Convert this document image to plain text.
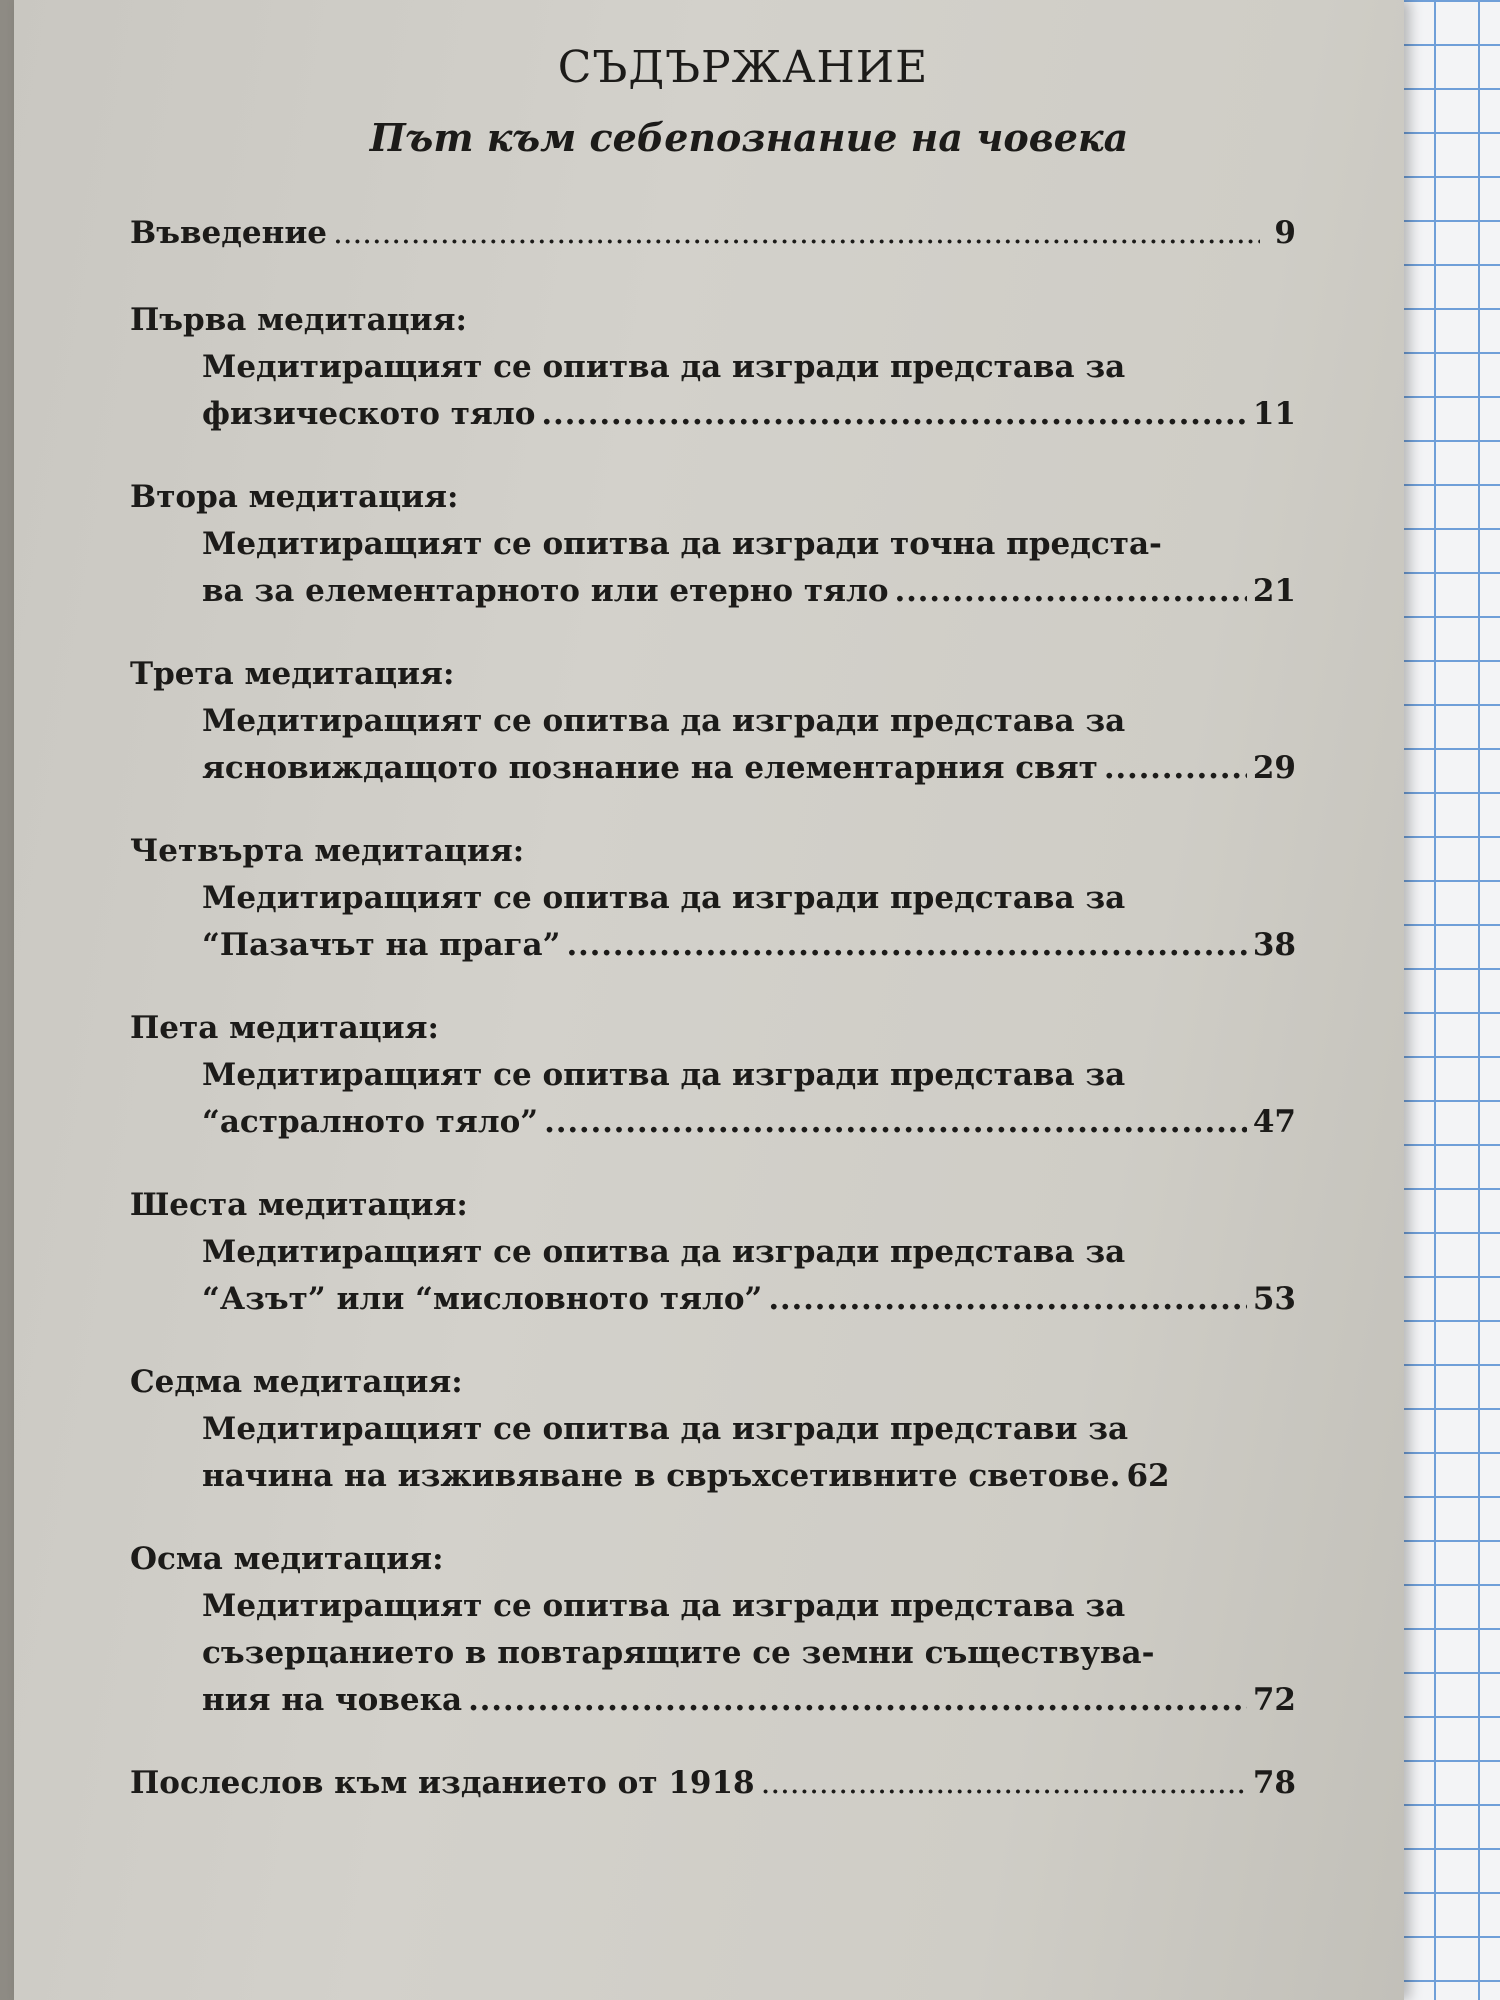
СЪДЪРЖАНИЕ
Път към себепознание на човека
Въведение . . .	9
Първа медитация:
Медитиращият се опитва да изгради представа за
физическото тяло . . .	11
Втора медитация:
Медитиращият се опитва да изгради точна предста-
ва за елементарното или етерно тяло . . .	21
Трета медитация:
Медитиращият се опитва да изгради представа за
ясновиждащото познание на елементарния свят . . .	29
Четвърта медитация:
Медитиращият се опитва да изгради представа за
“Пазачът на прага” . . .	38
Пета медитация:
Медитиращият се опитва да изгради представа за
“астралното тяло” . . .	47
Шеста медитация:
Медитиращият се опитва да изгради представа за
“Азът” или “мисловното тяло” . . .	53
Седма медитация:
Медитиращият се опитва да изгради представи за
начина на изживяване в свръхсетивните светове. 62
Осма медитация:
Медитиращият се опитва да изгради представа за
съзерцанието в повтарящите се земни съществува-
ния на човека . . .	72
Послеслов към изданието от 1918 . . .	78
